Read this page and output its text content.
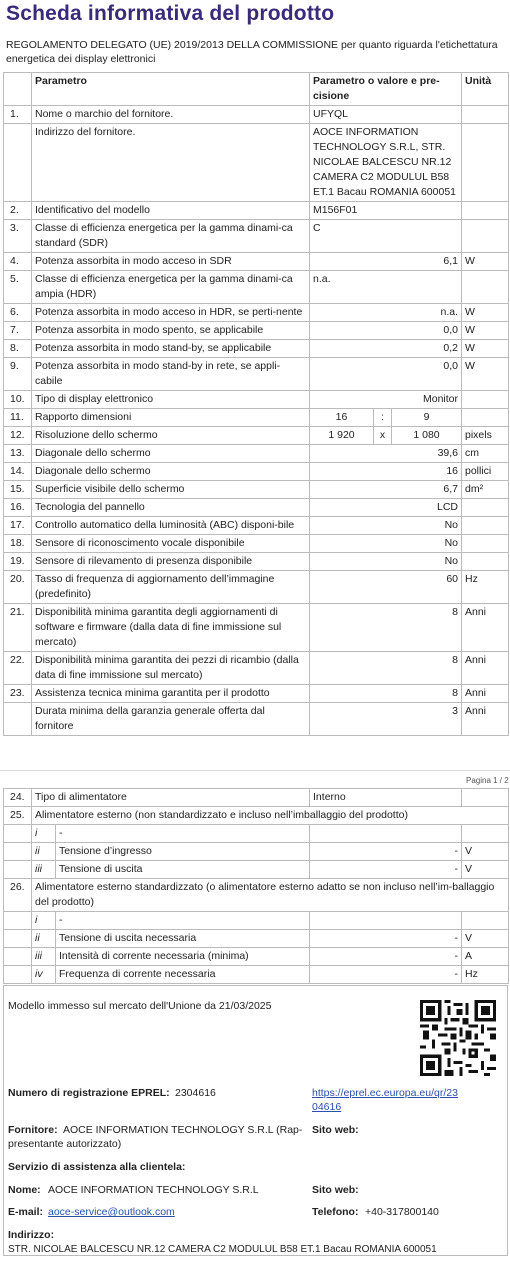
Scheda informativa del prodotto
REGOLAMENTO DELEGATO (UE) 2019/2013 DELLA COMMISSIONE per quanto riguarda l'etichettatura energetica dei display elettronici
	Parametro	Parametro o valore e pre-cisione			Unità
1.	Nome o marchio del fornitore.	UFYQL			
	Indirizzo del fornitore.	AOCE INFORMATION TECHNOLOGY S.R.L, STR. NICOLAE BALCESCU NR.12 CAMERA C2 MODULUL B58 ET.1 Bacau ROMANIA 600051			
2.	Identificativo del modello	M156F01			
3.	Classe di efficienza energetica per la gamma dinami-ca standard (SDR)	C			
4.	Potenza assorbita in modo acceso in SDR	6,1			W
5.	Classe di efficienza energetica per la gamma dinami-ca ampia (HDR)	n.a.			
6.	Potenza assorbita in modo acceso in HDR, se perti-nente	n.a.			W
7.	Potenza assorbita in modo spento, se applicabile	0,0			W
8.	Potenza assorbita in modo stand-by, se applicabile	0,2			W
9.	Potenza assorbita in modo stand-by in rete, se appli-cabile	0,0			W
10.	Tipo di display elettronico	Monitor			
11.	Rapporto dimensioni	16	:	9	
12.	Risoluzione dello schermo	1 920	x	1 080	pixels
13.	Diagonale dello schermo	39,6			cm
14.	Diagonale dello schermo	16			pollici
15.	Superficie visibile dello schermo	6,7			dm²
16.	Tecnologia del pannello	LCD			
17.	Controllo automatico della luminosità (ABC) disponi-bile	No			
18.	Sensore di riconoscimento vocale disponibile	No			
19.	Sensore di rilevamento di presenza disponibile	No			
20.	Tasso di frequenza di aggiornamento dell’immagine (predefinito)	60			Hz
21.	Disponibilità minima garantita degli aggiornamenti di software e firmware (dalla data di fine immissione sul mercato)	8			Anni
22.	Disponibilità minima garantita dei pezzi di ricambio (dalla data di fine immissione sul mercato)	8			Anni
23.	Assistenza tecnica minima garantita per il prodotto	8			Anni
	Durata minima della garanzia generale offerta dal fornitore	3			Anni
Pagina 1 / 2
24.	Tipo di alimentatore		Interno	
25.	Alimentatore esterno (non standardizzato e incluso nell’imballaggio del prodotto)			
	i	-		
	ii	Tensione d’ingresso	-	V
	iii	Tensione di uscita	-	V
26.	Alimentatore esterno standardizzato (o alimentatore esterno adatto se non incluso nell’im-ballaggio del prodotto)			
	i	-		
	ii	Tensione di uscita necessaria	-	V
	iii	Intensità di corrente necessaria (minima)	-	A
	iv	Frequenza di corrente necessaria	-	Hz
Modello immesso sul mercato dell'Unione da 21/03/2025
Numero di registrazione EPREL: 2304616	https://eprel.ec.europa.eu/qr/23
04616
Fornitore: AOCE INFORMATION TECHNOLOGY S.R.L (Rap-
presentante autorizzato)
Sito web:
Servizio di assistenza alla clientela:
Nome: AOCE INFORMATION TECHNOLOGY S.R.L	Sito web:
E-mail: aoce-service@outlook.com	Telefono: +40-317800140
Indirizzo:
STR. NICOLAE BALCESCU NR.12 CAMERA C2 MODULUL B58 ET.1 Bacau ROMANIA 600051
